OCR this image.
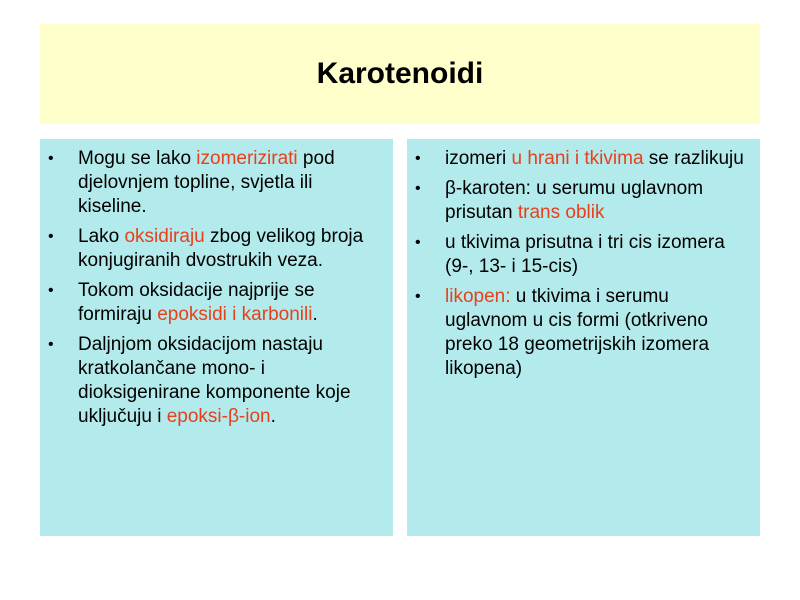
Karotenoidi
• Mogu se lako izomerizirati pod djelovnjem topline, svjetla ili kiseline.
• Lako oksidiraju zbog velikog broja konjugiranih dvostrukih veza.
• Tokom oksidacije najprije se formiraju epoksidi i karbonili.
• Daljnjom oksidacijom nastaju kratkolančane mono- i dioksigenirane komponente koje uključuju i epoksi-β-ion.
• izomeri u hrani i tkivima se razlikuju
• β-karoten: u serumu uglavnom prisutan trans oblik
• u tkivima prisutna i tri cis izomera (9-, 13- i 15-cis)
• likopen: u tkivima i serumu uglavnom u cis formi (otkriveno preko 18 geometrijskih izomera likopena)
